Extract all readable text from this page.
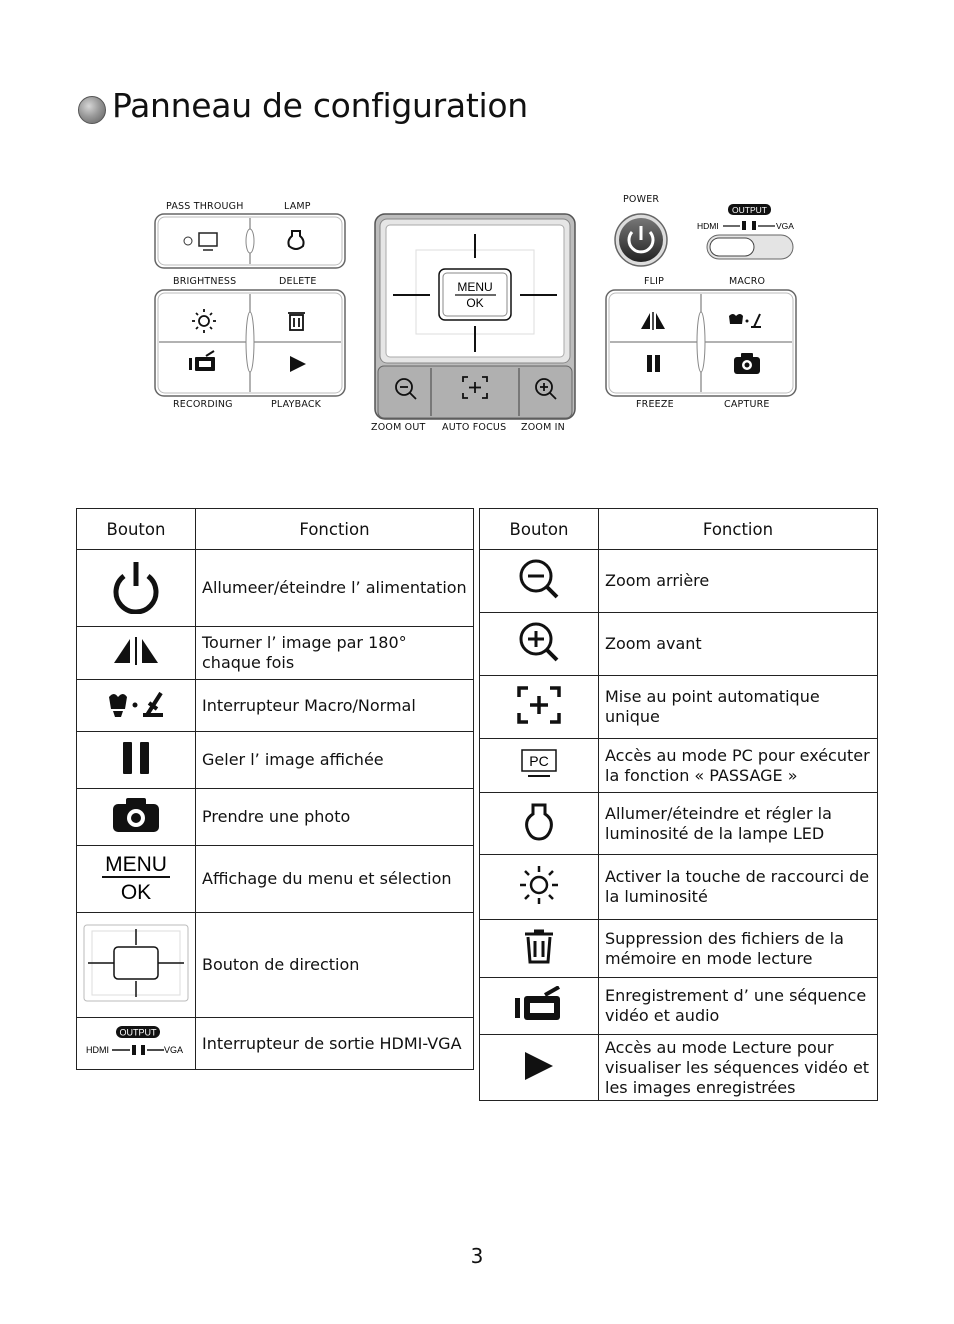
Panneau de configuration
MENU
OK
OUTPUT
HDMI	VGA
PASS THROUGH	LAMP
BRIGHTNESS	DELETE
RECORDING	PLAYBACK
ZOOM OUT AUTO FOCUS ZOOM IN
POWER
FLIP	MACRO
FREEZE	CAPTURE
Bouton	Fonction
	Allumeer/éteindre l’ alimentation
	Tourner l’ image par 180° chaque fois
	Interrupteur Macro/Normal
	Geler l’ image affichée
	Prendre une photo

MENU
OK	Affichage du menu et sélection
	Bouton de direction

OUTPUT
HDMI VGA	Interrupteur de sortie HDMI-VGA
Bouton	Fonction
	Zoom arrière
	Zoom avant
	Mise au point automatique unique

PC	Accès au mode PC pour exécuter la fonction « PASSAGE »
	Allumer/éteindre et régler la luminosité de la lampe LED
	Activer la touche de raccourci de la luminosité
	Suppression des fichiers de la mémoire en mode lecture
	Enregistrement d’ une séquence vidéo et audio
	Accès au mode Lecture pour visualiser les séquences vidéo et les images enregistrées
3
